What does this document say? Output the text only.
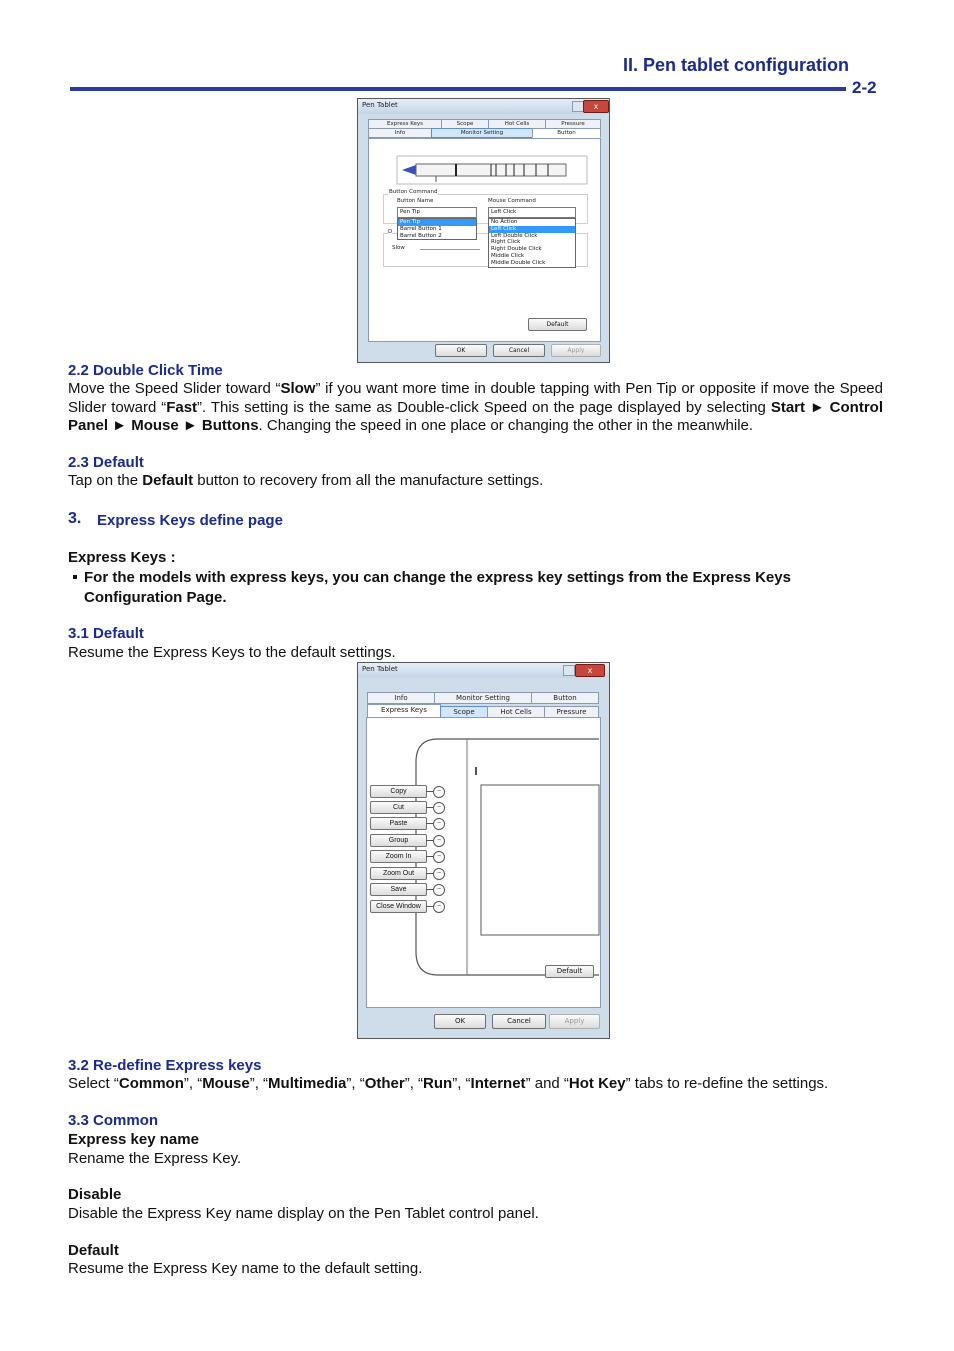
II. Pen tablet configuration
2-2
Pen Tablet	x
Express Keys	Scope	Hot Cells	Pressure
Info	Monitor Setting	Button
Button Command
Button Name	Mouse Command
Pen Tip	Left Click
D
Slow
Pen Tip
Barrel Button 1
Barrel Button 2
No Action
Left Click
Left Double Click
Right Click
Right Double Click
Middle Click
Middle Double Click
Default
OK	Cancel	Apply
2.2 Double Click Time
Move the Speed Slider toward “Slow” if you want more time in double tapping with Pen Tip or opposite if move the Speed Slider toward “Fast”. This setting is the same as Double-click Speed on the page displayed by selecting Start ► Control Panel ► Mouse ► Buttons. Changing the speed in one place or changing the other in the meanwhile.
2.3 Default
Tap on the Default button to recovery from all the manufacture settings.
3. Express Keys define page
Express Keys :
For the models with express keys, you can change the express key settings from the Express Keys Configuration Page.
3.1 Default
Resume the Express Keys to the default settings.
Pen Tablet	x
Info	Monitor Setting	Button
Express Keys	Scope	Hot Cells	Pressure
Default
OK	Cancel	Apply
Copy	−
Cut	−
Paste	−
Group	−
Zoom In	−
Zoom Out	−
Save	−
Close Window	−
3.2 Re-define Express keys
Select “Common”, “Mouse”, “Multimedia”, “Other”, “Run”, “Internet” and “Hot Key” tabs to re-define the settings.
3.3 Common
Express key name
Rename the Express Key.
Disable
Disable the Express Key name display on the Pen Tablet control panel.
Default
Resume the Express Key name to the default setting.
